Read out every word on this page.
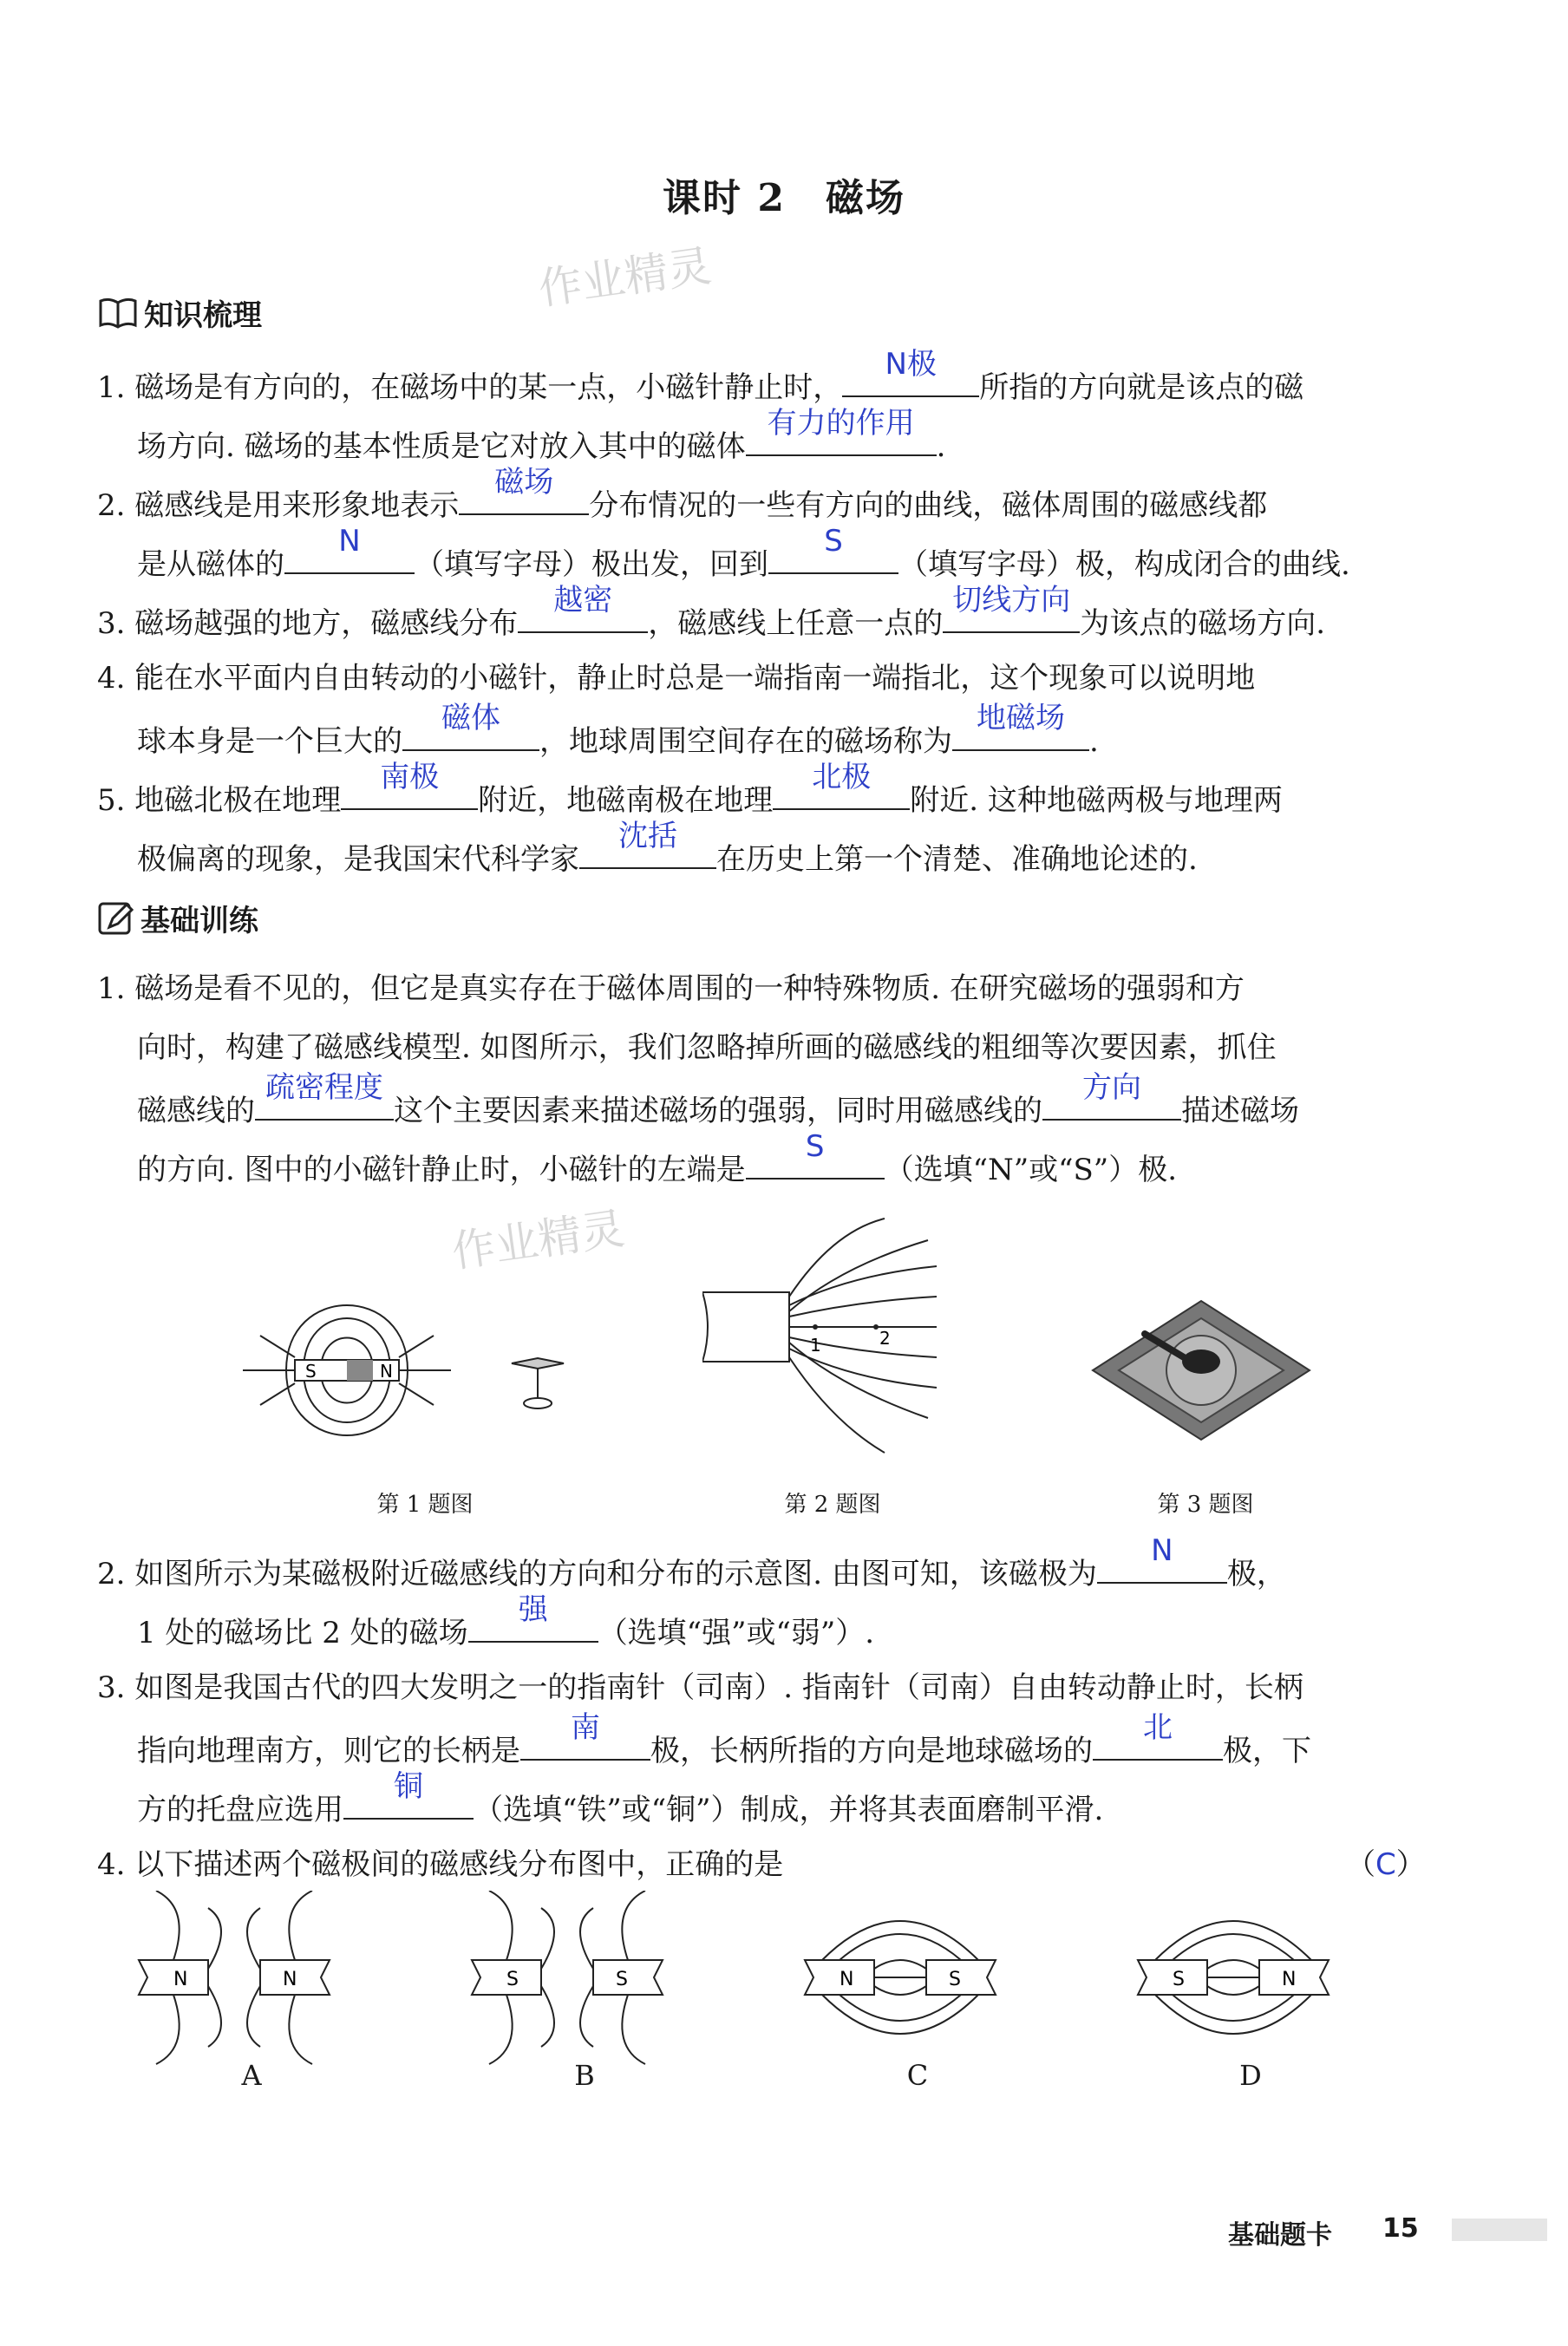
课时 2　磁场
作业精灵
知识梳理
1. 磁场是有方向的，在磁场中的某一点，小磁针静止时，
N极
所指的方向就是该点的磁
场方向. 磁场的基本性质是它对放入其中的磁体
有力的作用
.
2. 磁感线是用来形象地表示
磁场
分布情况的一些有方向的曲线，磁体周围的磁感线都
是从磁体的
N
（填写字母）极出发，回到
S
（填写字母）极，构成闭合的曲线.
3. 磁场越强的地方，磁感线分布
越密
，磁感线上任意一点的
切线方向
为该点的磁场方向.
4. 能在水平面内自由转动的小磁针，静止时总是一端指南一端指北，这个现象可以说明地
球本身是一个巨大的
磁体
，地球周围空间存在的磁场称为
地磁场
.
5. 地磁北极在地理
南极
附近，地磁南极在地理
北极
附近. 这种地磁两极与地理两
极偏离的现象，是我国宋代科学家
沈括
在历史上第一个清楚、准确地论述的.
基础训练
1. 磁场是看不见的，但它是真实存在于磁体周围的一种特殊物质. 在研究磁场的强弱和方
向时，构建了磁感线模型. 如图所示，我们忽略掉所画的磁感线的粗细等次要因素，抓住
磁感线的
疏密程度
这个主要因素来描述磁场的强弱，同时用磁感线的
方向
描述磁场
的方向. 图中的小磁针静止时，小磁针的左端是
S
（选填“N”或“S”）极.
作业精灵
S	N
第 1 题图
1	2
第 2 题图	第 3 题图
2. 如图所示为某磁极附近磁感线的方向和分布的示意图. 由图可知，该磁极为
N
极，
1 处的磁场比 2 处的磁场
强
（选填“强”或“弱”）.
3. 如图是我国古代的四大发明之一的指南针（司南）. 指南针（司南）自由转动静止时，长柄
指向地理南方，则它的长柄是
南
极，长柄所指的方向是地球磁场的
北
极，下
方的托盘应选用
铜
（选填“铁”或“铜”）制成，并将其表面磨制平滑.
4. 以下描述两个磁极间的磁感线分布图中，正确的是	（C）
N	N	S	S	N	S	S	N
A	B	C	D
基础题卡 15
